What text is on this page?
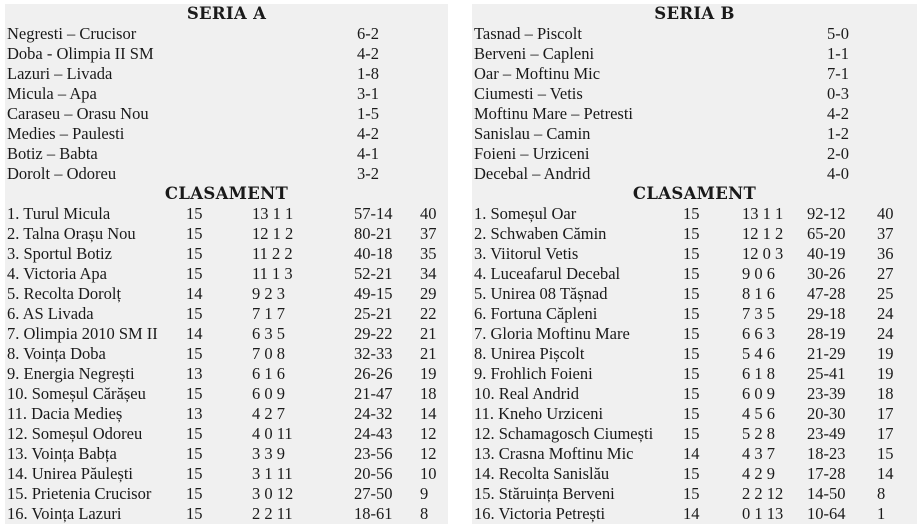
SERIA A
Negresti – Crucisor	6-2
Doba - Olimpia II SM	4-2
Lazuri – Livada	1-8
Micula – Apa	3-1
Caraseu – Orasu Nou	1-5
Medies – Paulesti	4-2
Botiz – Babta	4-1
Dorolt – Odoreu	3-2
CLASAMENT
1. Turul Micula	15	13 1 1	57-14 40
2. Talna Orașu Nou	15	12 1 2	80-21 37
3. Sportul Botiz	15	11 2 2	40-18 35
4. Victoria Apa	15	11 1 3	52-21 34
5. Recolta Dorolț	14	9 2 3	49-15 29
6. AS Livada	15	7 1 7	25-21 22
7. Olimpia 2010 SM II 14	6 3 5	29-22 21
8. Voința Doba	15	7 0 8	32-33 21
9. Energia Negrești	13	6 1 6	26-26 19
10. Someșul Cărășeu 15	6 0 9	21-47 18
11. Dacia Medieș	13	4 2 7	24-32 14
12. Someșul Odoreu	15	4 0 11	24-43 12
13. Voința Babța	15	3 3 9	23-56 12
14. Unirea Păulești	15	3 1 11	20-56 10
15. Prietenia Crucisor 15	3 0 12	27-50 9
16. Voința Lazuri	15	2 2 11	18-61 8
SERIA B
Tasnad – Piscolt	5-0
Berveni – Capleni	1-1
Oar – Moftinu Mic	7-1
Ciumesti – Vetis	0-3
Moftinu Mare – Petresti	4-2
Sanislau – Camin	1-2
Foieni – Urziceni	2-0
Decebal – Andrid	4-0
CLASAMENT
1. Someșul Oar	15	13 1 1 92-12 40
2. Schwaben Cămin	15	12 1 2 65-20 37
3. Viitorul Vetis	15	12 0 3 40-19 36
4. Luceafarul Decebal	15	9 0 6 30-26 27
5. Unirea 08 Tășnad	15	8 1 6 47-28 25
6. Fortuna Căpleni	15	7 3 5 29-18 24
7. Gloria Moftinu Mare	15	6 6 3 28-19 24
8. Unirea Pișcolt	15	5 4 6 21-29 19
9. Frohlich Foieni	15	6 1 8 25-41 19
10. Real Andrid	15	6 0 9 23-39 18
11. Kneho Urziceni	15	4 5 6 20-30 17
12. Schamagosch Ciumești 15	5 2 8 23-49 17
13. Crasna Moftinu Mic	14	4 3 7 18-23 15
14. Recolta Sanislău	15	4 2 9 17-28 14
15. Stăruința Berveni	15	2 2 12 14-50 8
16. Victoria Petrești	14	0 1 13 10-64 1
